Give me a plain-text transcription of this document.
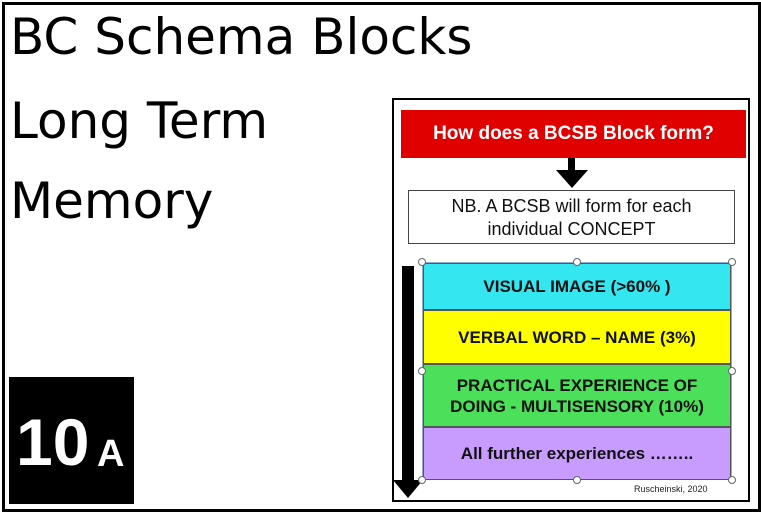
BC Schema Blocks
Long Term
Memory
10 A
How does a BCSB Block form?
NB. A BCSB will form for each
individual CONCEPT
VISUAL IMAGE (>60% )
VERBAL WORD – NAME (3%)
PRACTICAL EXPERIENCE OF
DOING - MULTISENSORY (10%)
All further experiences ……..
Ruscheinski, 2020
